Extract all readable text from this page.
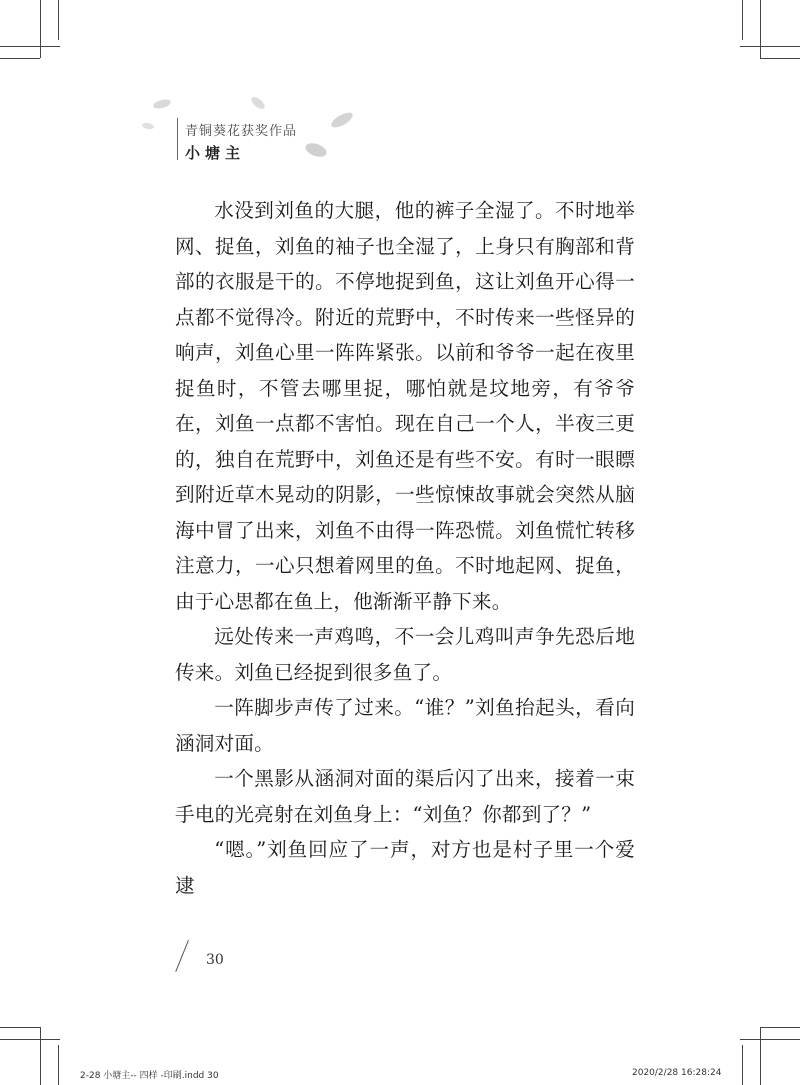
青铜葵花获奖作品
小塘主

水没到刘鱼的大腿，他的裤子全湿了。不时地举网、捉鱼，刘鱼的袖子也全湿了，上身只有胸部和背部的衣服是干的。不停地捉到鱼，这让刘鱼开心得一点都不觉得冷。附近的荒野中，不时传来一些怪异的响声，刘鱼心里一阵阵紧张。以前和爷爷一起在夜里捉鱼时，不管去哪里捉，哪怕就是坟地旁，有爷爷在，刘鱼一点都不害怕。现在自己一个人，半夜三更的，独自在荒野中，刘鱼还是有些不安。有时一眼瞟到附近草木晃动的阴影，一些惊悚故事就会突然从脑海中冒了出来，刘鱼不由得一阵恐慌。刘鱼慌忙转移注意力，一心只想着网里的鱼。不时地起网、捉鱼，由于心思都在鱼上，他渐渐平静下来。

远处传来一声鸡鸣，不一会儿鸡叫声争先恐后地传来。刘鱼已经捉到很多鱼了。

一阵脚步声传了过来。“谁？”刘鱼抬起头，看向涵洞对面。

一个黑影从涵洞对面的渠后闪了出来，接着一束手电的光亮射在刘鱼身上：“刘鱼？你都到了？”

“嗯。”刘鱼回应了一声，对方也是村子里一个爱逮

30
2-28 小塘主-- 四样 -印刷.indd 30	2020/2/28 16:28:24
